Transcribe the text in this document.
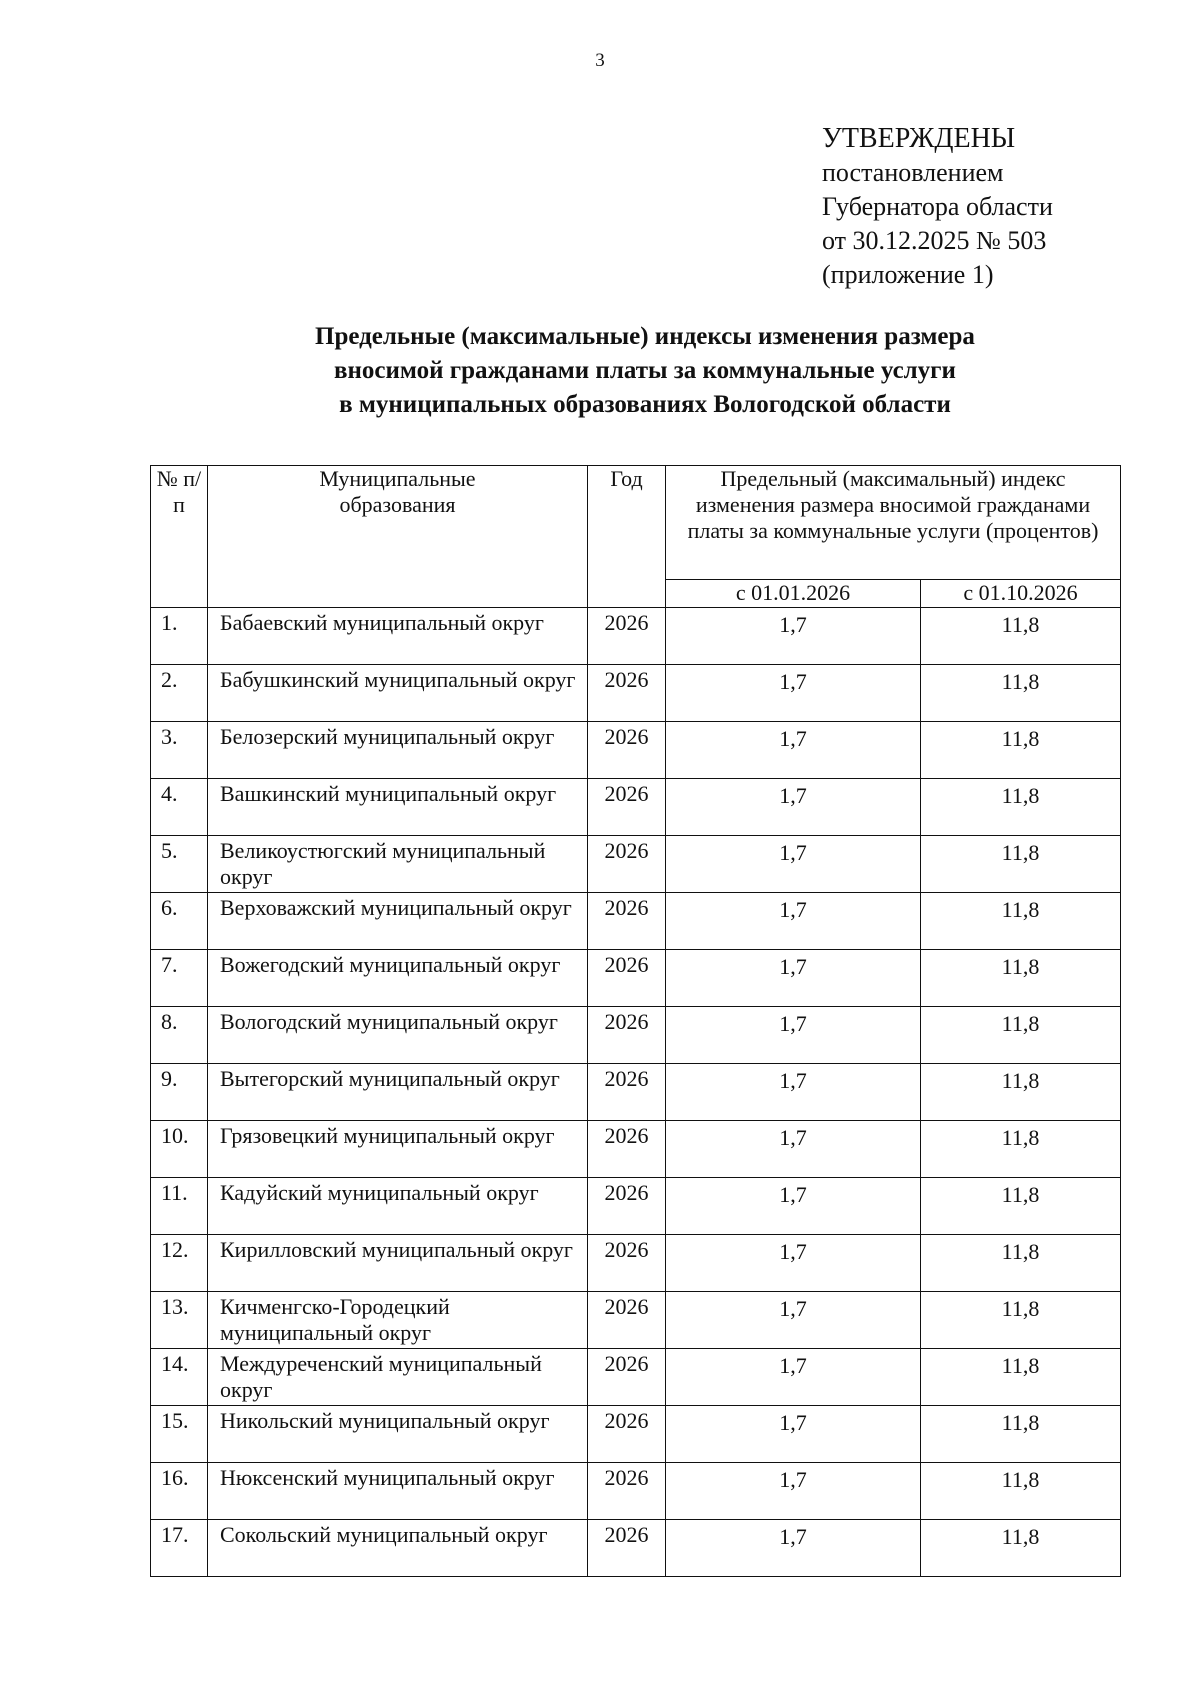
3
УТВЕРЖДЕНЫ
постановлением
Губернатора области
от 30.12.2025 № 503
(приложение 1)
Предельные (максимальные) индексы изменения размера
вносимой гражданами платы за коммунальные услуги
в муниципальных образованиях Вологодской области
№ п/п	Муниципальные образования	Год	Предельный (максимальный) индекс изменения размера вносимой гражданами платы за коммунальные услуги (процентов)	
			с 01.01.2026	с 01.10.2026
1.	Бабаевский муниципальный округ	2026	1,7	11,8
2.	Бабушкинский муниципальный округ	2026	1,7	11,8
3.	Белозерский муниципальный округ	2026	1,7	11,8
4.	Вашкинский муниципальный округ	2026	1,7	11,8
5.	Великоустюгский муниципальный округ	2026	1,7	11,8
6.	Верховажский муниципальный округ	2026	1,7	11,8
7.	Вожегодский муниципальный округ	2026	1,7	11,8
8.	Вологодский муниципальный округ	2026	1,7	11,8
9.	Вытегорский муниципальный округ	2026	1,7	11,8
10.	Грязовецкий муниципальный округ	2026	1,7	11,8
11.	Кадуйский муниципальный округ	2026	1,7	11,8
12.	Кирилловский муниципальный округ	2026	1,7	11,8
13.	Кичменгско-Городецкий муниципальный округ	2026	1,7	11,8
14.	Междуреченский муниципальный округ	2026	1,7	11,8
15.	Никольский муниципальный округ	2026	1,7	11,8
16.	Нюксенский муниципальный округ	2026	1,7	11,8
17.	Сокольский муниципальный округ	2026	1,7	11,8
